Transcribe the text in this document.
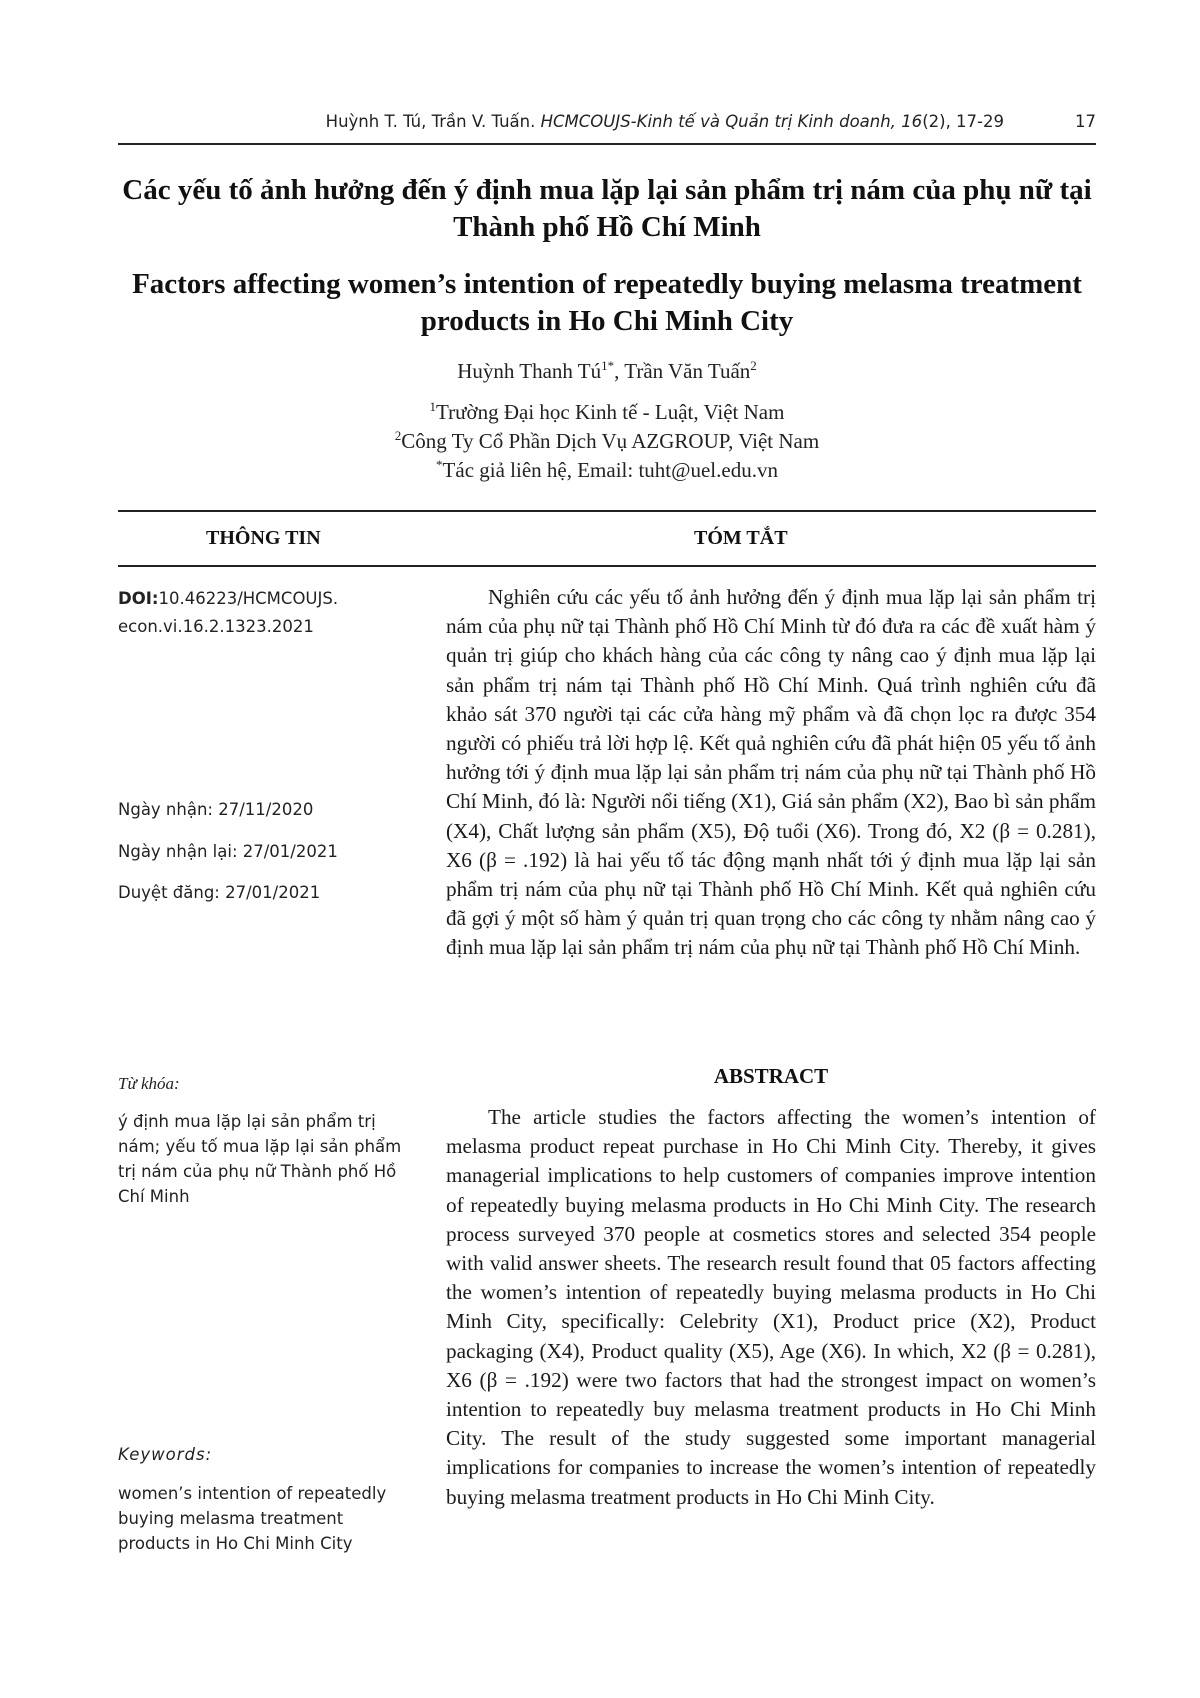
Huỳnh T. Tú, Trần V. Tuấn. HCMCOUJS-Kinh tế và Quản trị Kinh doanh, 16(2), 17-29	17
Các yếu tố ảnh hưởng đến ý định mua lặp lại sản phẩm trị nám của phụ nữ tại Thành phố Hồ Chí Minh
Factors affecting women’s intention of repeatedly buying melasma treatment products in Ho Chi Minh City
Huỳnh Thanh $Tú^{1*}$, Trần Văn Tuấn$^2$
$^1$Trường Đại học Kinh tế - Luật, Việt Nam
$^2$Công Ty Cổ Phần Dịch Vụ AZGROUP, Việt Nam
*Tác giả liên hệ, Email: tuht@uel.edu.vn
THÔNG TIN	TÓM TẮT
DOI:10.46223/HCMCOUJS.
econ.vi.16.2.1323.2021
Ngày nhận: 27/11/2020
Ngày nhận lại: 27/01/2021
Duyệt đăng: 27/01/2021
Từ khóa:
ý định mua lặp lại sản phẩm trị nám; yếu tố mua lặp lại sản phẩm trị nám của phụ nữ Thành phố Hồ Chí Minh
Keywords:
women’s intention of repeatedly buying melasma treatment products in Ho Chi Minh City
Nghiên cứu các yếu tố ảnh hưởng đến ý định mua lặp lại sản phẩm trị nám của phụ nữ tại Thành phố Hồ Chí Minh từ đó đưa ra các đề xuất hàm ý quản trị giúp cho khách hàng của các công ty nâng cao ý định mua lặp lại sản phẩm trị nám tại Thành phố Hồ Chí Minh. Quá trình nghiên cứu đã khảo sát 370 người tại các cửa hàng mỹ phẩm và đã chọn lọc ra được 354 người có phiếu trả lời hợp lệ. Kết quả nghiên cứu đã phát hiện 05 yếu tố ảnh hưởng tới ý định mua lặp lại sản phẩm trị nám của phụ nữ tại Thành phố Hồ Chí Minh, đó là: Người nổi tiếng (X1), Giá sản phẩm (X2), Bao bì sản phẩm (X4), Chất lượng sản phẩm (X5), Độ tuổi (X6). Trong đó, X2 (β = 0.281), X6 (β = .192) là hai yếu tố tác động mạnh nhất tới ý định mua lặp lại sản phẩm trị nám của phụ nữ tại Thành phố Hồ Chí Minh. Kết quả nghiên cứu đã gợi ý một số hàm ý quản trị quan trọng cho các công ty nhằm nâng cao ý định mua lặp lại sản phẩm trị nám của phụ nữ tại Thành phố Hồ Chí Minh.
ABSTRACT
The article studies the factors affecting the women’s intention of melasma product repeat purchase in Ho Chi Minh City. Thereby, it gives managerial implications to help customers of companies improve intention of repeatedly buying melasma products in Ho Chi Minh City. The research process surveyed 370 people at cosmetics stores and selected 354 people with valid answer sheets. The research result found that 05 factors affecting the women’s intention of repeatedly buying melasma products in Ho Chi Minh City, specifically: Celebrity (X1), Product price (X2), Product packaging (X4), Product quality (X5), Age (X6). In which, X2 (β = 0.281), X6 (β = .192) were two factors that had the strongest impact on women’s intention to repeatedly buy melasma treatment products in Ho Chi Minh City. The result of the study suggested some important managerial implications for companies to increase the women’s intention of repeatedly buying melasma treatment products in Ho Chi Minh City.
